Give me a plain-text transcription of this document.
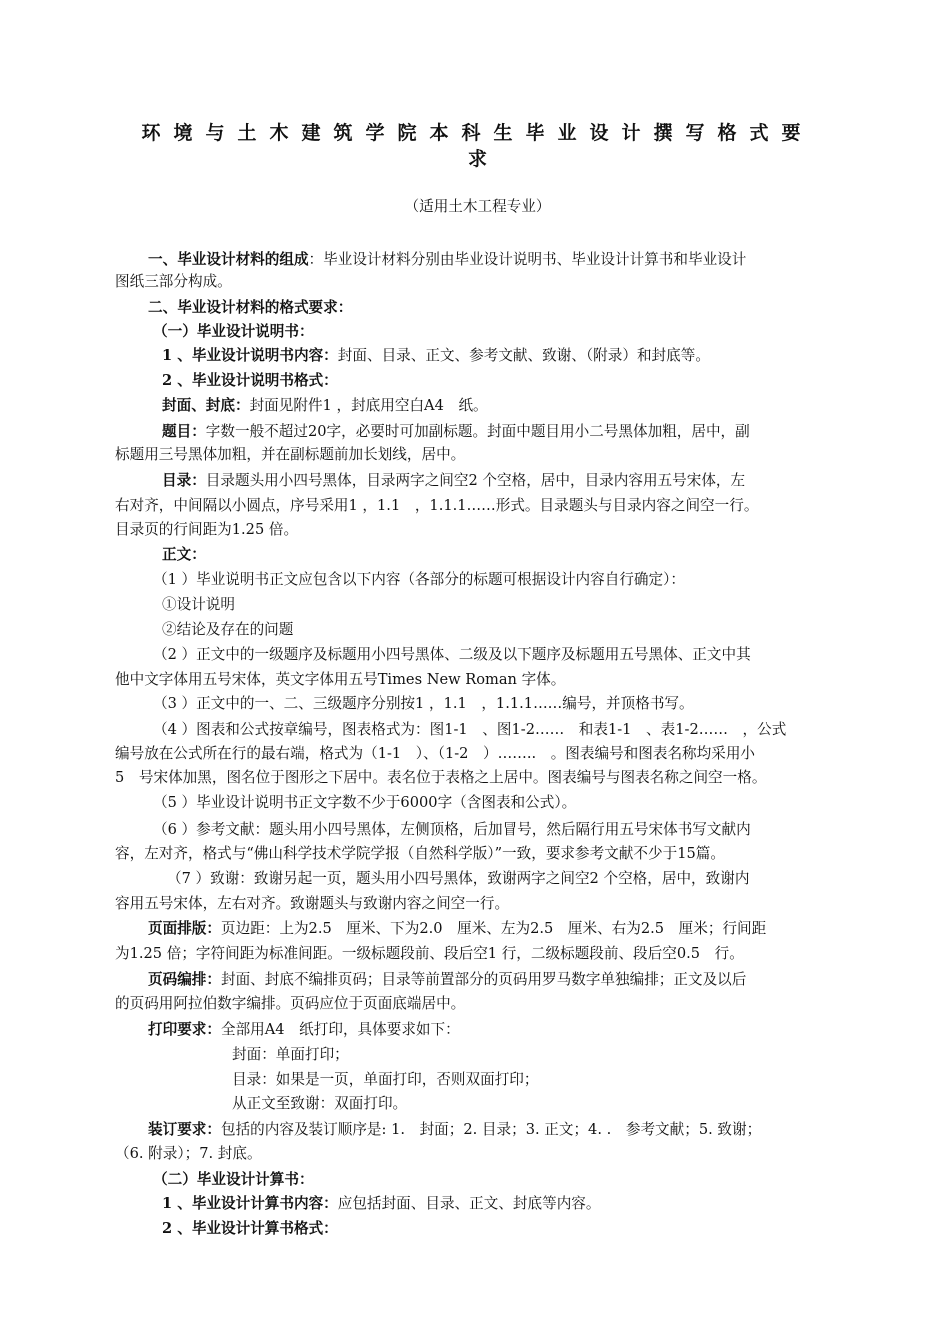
环境与土木建筑学院本科生毕业设计撰写格式要
求
（适用土木工程专业）
一、毕业设计材料的组成：毕业设计材料分别由毕业设计说明书、毕业设计计算书和毕业设计
图纸三部分构成。
二、毕业设计材料的格式要求：
（一）毕业设计说明书：
1 、毕业设计说明书内容：封面、目录、正文、参考文献、致谢、（附录）和封底等。
2 、毕业设计说明书格式：
封面、封底：封面见附件1 ，封底用空白A4　纸。
题目：字数一般不超过20字，必要时可加副标题。封面中题目用小二号黑体加粗，居中，副
标题用三号黑体加粗，并在副标题前加长划线，居中。
目录：目录题头用小四号黑体，目录两字之间空2 个空格，居中，目录内容用五号宋体，左
右对齐，中间隔以小圆点，序号采用1 ，1.1　，1.1.1……形式。目录题头与目录内容之间空一行。
目录页的行间距为1.25 倍。
正文：
（1 ）毕业说明书正文应包含以下内容（各部分的标题可根据设计内容自行确定）：
①设计说明
②结论及存在的问题
（2 ）正文中的一级题序及标题用小四号黑体、二级及以下题序及标题用五号黑体、正文中其
他中文字体用五号宋体，英文字体用五号Times New Roman 字体。
（3 ）正文中的一、二、三级题序分别按1 ，1.1　，1.1.1……编号，并顶格书写。
（4 ）图表和公式按章编号，图表格式为：图1-1　、图1-2……　和表1-1　、表1-2……　，公式
编号放在公式所在行的最右端，格式为（1-1　）、（1-2　）……..　。图表编号和图表名称均采用小
5　号宋体加黑，图名位于图形之下居中。表名位于表格之上居中。图表编号与图表名称之间空一格。
（5 ）毕业设计说明书正文字数不少于6000字（含图表和公式）。
（6 ）参考文献：题头用小四号黑体，左侧顶格，后加冒号，然后隔行用五号宋体书写文献内
容，左对齐，格式与“佛山科学技术学院学报（自然科学版）”一致，要求参考文献不少于15篇。
（7 ）致谢：致谢另起一页，题头用小四号黑体，致谢两字之间空2 个空格，居中，致谢内
容用五号宋体，左右对齐。致谢题头与致谢内容之间空一行。
页面排版：页边距：上为2.5　厘米、下为2.0　厘米、左为2.5　厘米、右为2.5　厘米；行间距
为1.25 倍；字符间距为标准间距。一级标题段前、段后空1 行，二级标题段前、段后空0.5　行。
页码编排：封面、封底不编排页码；目录等前置部分的页码用罗马数字单独编排；正文及以后
的页码用阿拉伯数字编排。页码应位于页面底端居中。
打印要求：全部用A4　纸打印，具体要求如下：
封面：单面打印；
目录：如果是一页，单面打印，否则双面打印；
从正文至致谢：双面打印。
装订要求：包括的内容及装订顺序是: 1.　封面；2. 目录；3. 正文；4. .　参考文献；5. 致谢；
（6. 附录）；7. 封底。
（二）毕业设计计算书：
1 、毕业设计计算书内容：应包括封面、目录、正文、封底等内容。
2 、毕业设计计算书格式：
